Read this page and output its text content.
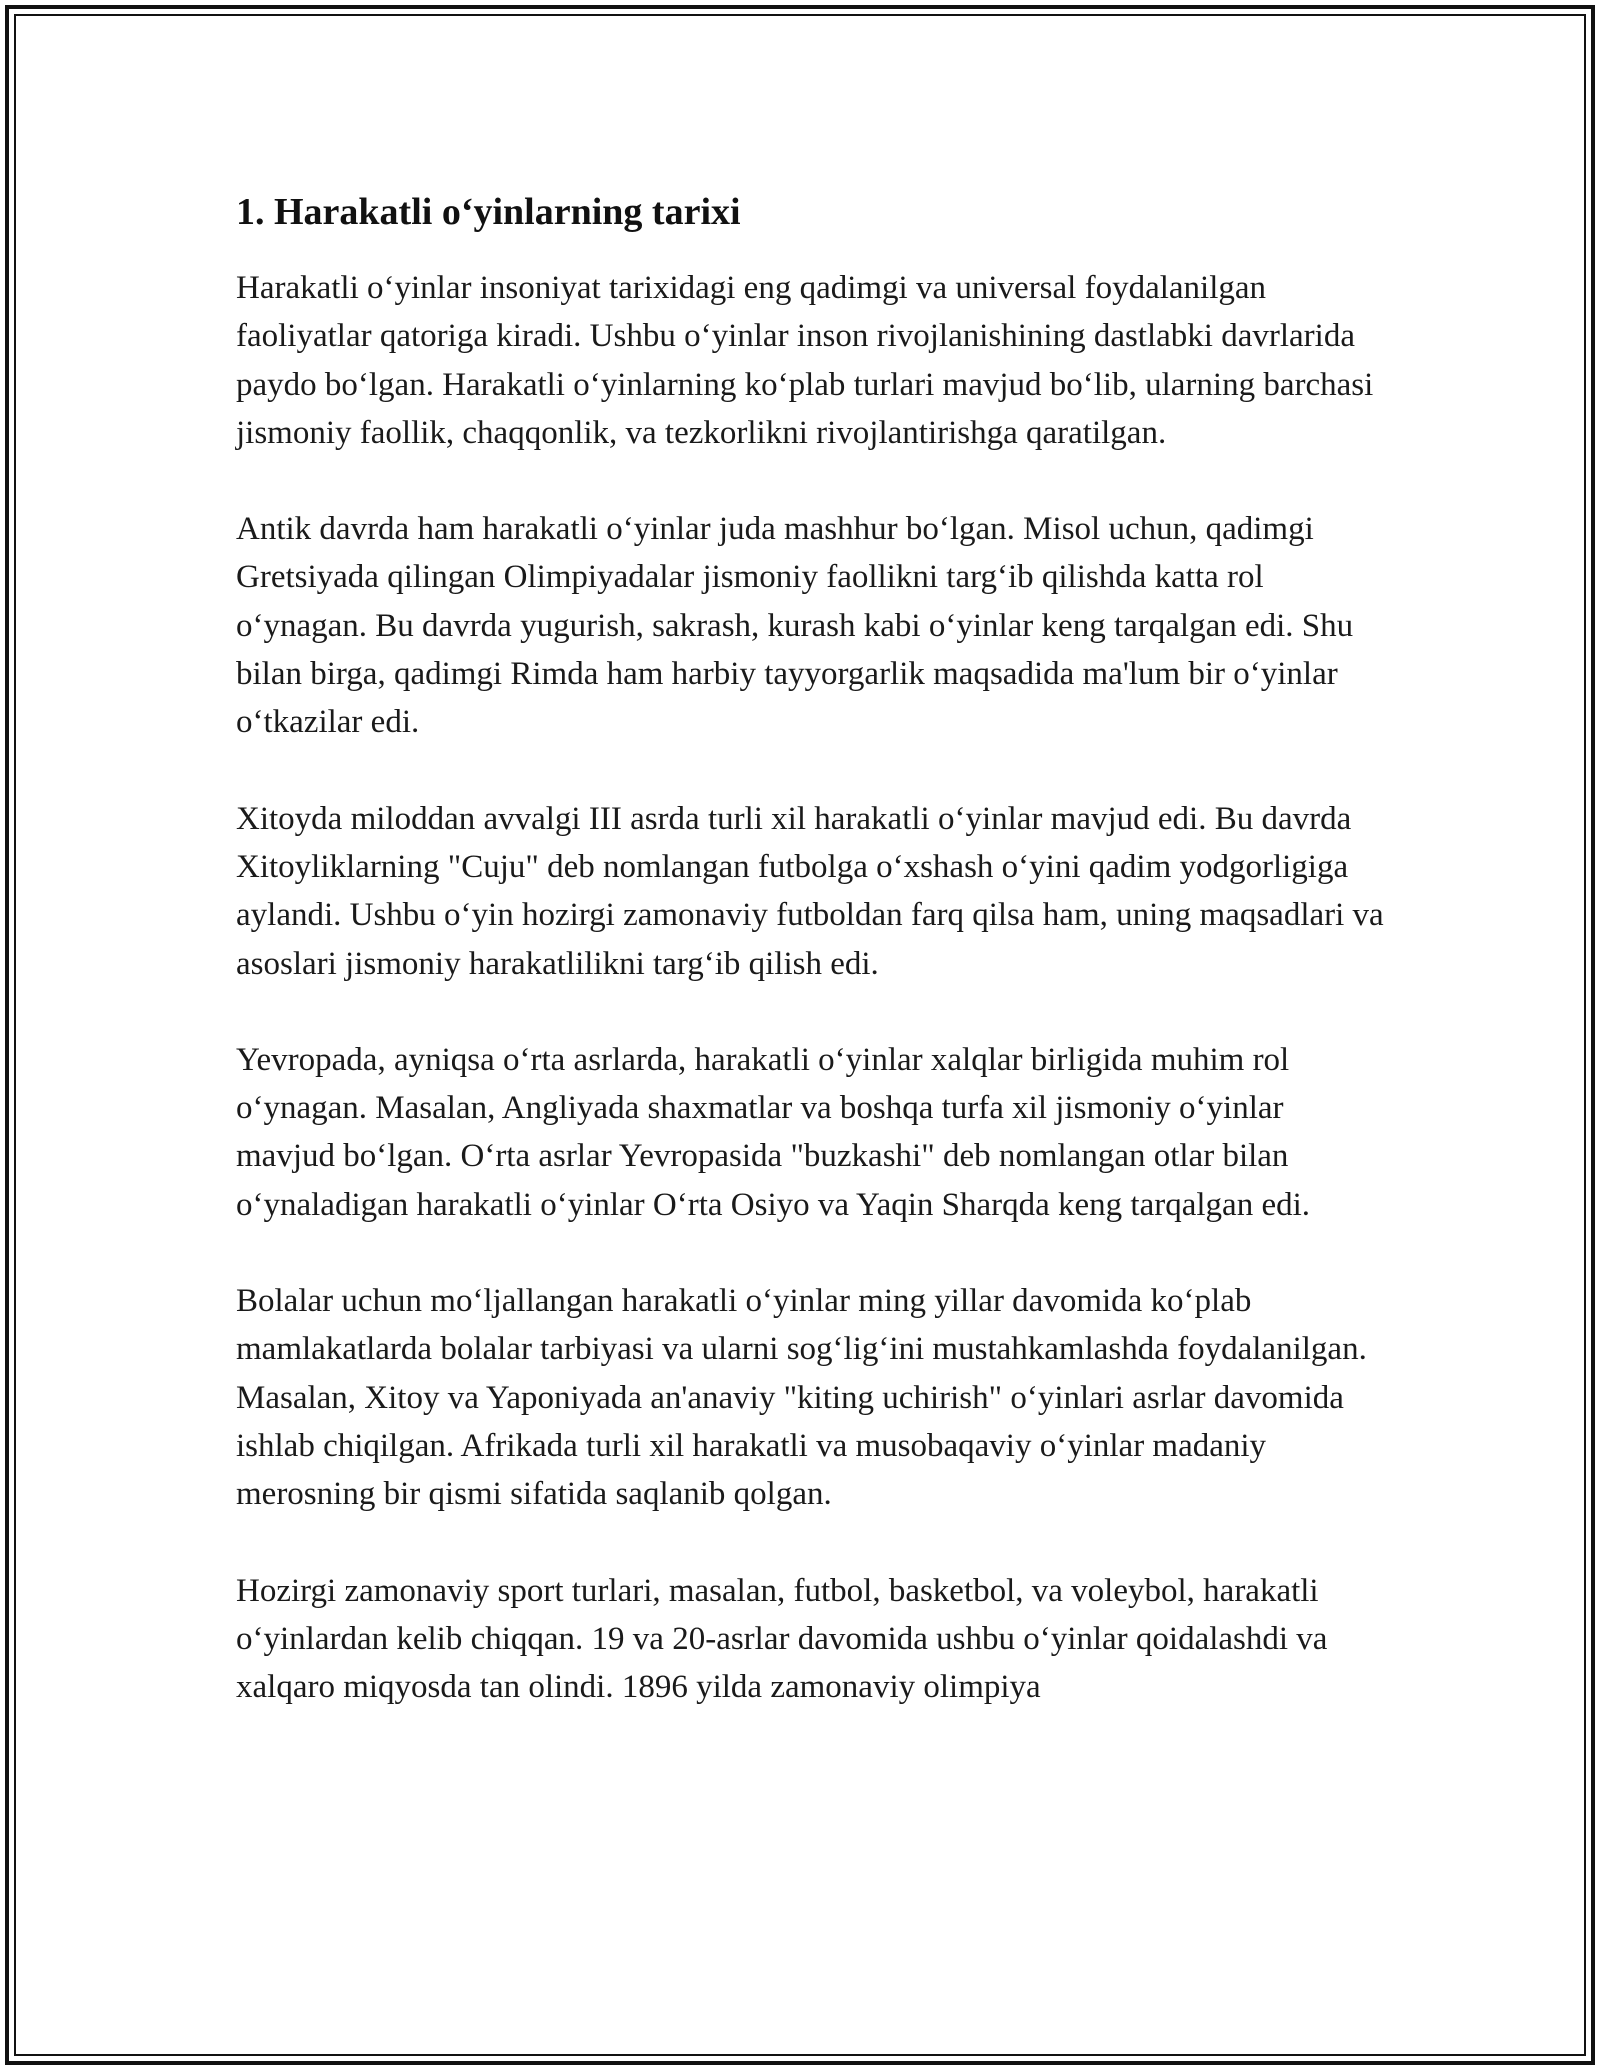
1. Harakatli o‘yinlarning tarixi

Harakatli o‘yinlar insoniyat tarixidagi eng qadimgi va universal foydalanilgan faoliyatlar qatoriga kiradi. Ushbu o‘yinlar inson rivojlanishining dastlabki davrlarida paydo bo‘lgan. Harakatli o‘yinlarning ko‘plab turlari mavjud bo‘lib, ularning barchasi jismoniy faollik, chaqqonlik, va tezkorlikni rivojlantirishga qaratilgan.

Antik davrda ham harakatli o‘yinlar juda mashhur bo‘lgan. Misol uchun, qadimgi Gretsiyada qilingan Olimpiyadalar jismoniy faollikni targ‘ib qilishda katta rol o‘ynagan. Bu davrda yugurish, sakrash, kurash kabi o‘yinlar keng tarqalgan edi. Shu bilan birga, qadimgi Rimda ham harbiy tayyorgarlik maqsadida ma'lum bir o‘yinlar o‘tkazilar edi.

Xitoyda miloddan avvalgi III asrda turli xil harakatli o‘yinlar mavjud edi. Bu davrda Xitoyliklarning "Cuju" deb nomlangan futbolga o‘xshash o‘yini qadim yodgorligiga aylandi. Ushbu o‘yin hozirgi zamonaviy futboldan farq qilsa ham, uning maqsadlari va asoslari jismoniy harakatlilikni targ‘ib qilish edi.

Yevropada, ayniqsa o‘rta asrlarda, harakatli o‘yinlar xalqlar birligida muhim rol o‘ynagan. Masalan, Angliyada shaxmatlar va boshqa turfa xil jismoniy o‘yinlar mavjud bo‘lgan. O‘rta asrlar Yevropasida "buzkashi" deb nomlangan otlar bilan o‘ynaladigan harakatli o‘yinlar O‘rta Osiyo va Yaqin Sharqda keng tarqalgan edi.

Bolalar uchun mo‘ljallangan harakatli o‘yinlar ming yillar davomida ko‘plab mamlakatlarda bolalar tarbiyasi va ularni sog‘lig‘ini mustahkamlashda foydalanilgan. Masalan, Xitoy va Yaponiyada an'anaviy "kiting uchirish" o‘yinlari asrlar davomida ishlab chiqilgan. Afrikada turli xil harakatli va musobaqaviy o‘yinlar madaniy merosning bir qismi sifatida saqlanib qolgan.

Hozirgi zamonaviy sport turlari, masalan, futbol, basketbol, va voleybol, harakatli o‘yinlardan kelib chiqqan. 19 va 20-asrlar davomida ushbu o‘yinlar qoidalashdi va xalqaro miqyosda tan olindi. 1896 yilda zamonaviy olimpiya
